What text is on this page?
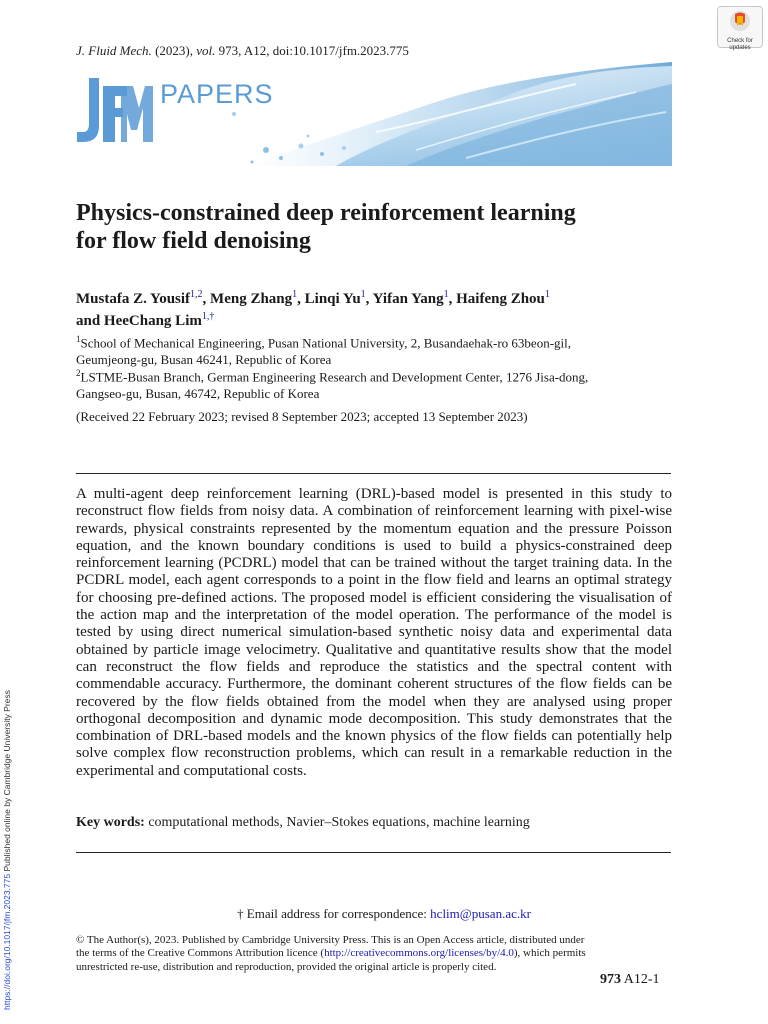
J. Fluid Mech. (2023), vol. 973, A12, doi:10.1017/jfm.2023.775
Check for
updates
PAPERS
Physics-constrained deep reinforcement learning
for flow field denoising
Mustafa Z. Yousif$^{1,2}$, Meng Zhang$^1$, Linqi Yu$^1$, Yifan Yang$^1$, Haifeng Zhou$^1$
and HeeChang Lim$^{1,\dagger}$
$^1$School of Mechanical Engineering, Pusan National University, 2, Busandaehak-ro 63beon-gil,
Geumjeong-gu, Busan 46241, Republic of Korea
$^2$LSTME-Busan Branch, German Engineering Research and Development Center, 1276 Jisa-dong,
Gangseo-gu, Busan, 46742, Republic of Korea
(Received 22 February 2023; revised 8 September 2023; accepted 13 September 2023)
A multi-agent deep reinforcement learning (DRL)-based model is presented in this study to reconstruct flow fields from noisy data. A combination of reinforcement learning with pixel-wise rewards, physical constraints represented by the momentum equation and the pressure Poisson equation, and the known boundary conditions is used to build a physics-constrained deep reinforcement learning (PCDRL) model that can be trained without the target training data. In the PCDRL model, each agent corresponds to a point in the flow field and learns an optimal strategy for choosing pre-defined actions. The proposed model is efficient considering the visualisation of the action map and the interpretation of the model operation. The performance of the model is tested by using direct numerical simulation-based synthetic noisy data and experimental data obtained by particle image velocimetry. Qualitative and quantitative results show that the model can reconstruct the flow fields and reproduce the statistics and the spectral content with commendable accuracy. Furthermore, the dominant coherent structures of the flow fields can be recovered by the flow fields obtained from the model when they are analysed using proper orthogonal decomposition and dynamic mode decomposition. This study demonstrates that the combination of DRL-based models and the known physics of the flow fields can potentially help solve complex flow reconstruction problems, which can result in a remarkable reduction in the experimental and computational costs.
Key words: computational methods, Navier–Stokes equations, machine learning
† Email address for correspondence: hclim@pusan.ac.kr
© The Author(s), 2023. Published by Cambridge University Press. This is an Open Access article, distributed under the terms of the Creative Commons Attribution licence (http://creativecommons.org/licenses/by/4.0), which permits unrestricted re-use, distribution and reproduction, provided the original article is properly cited.
973 A12-1
https://doi.org/10.1017/jfm.2023.775 Published online by Cambridge University Press
